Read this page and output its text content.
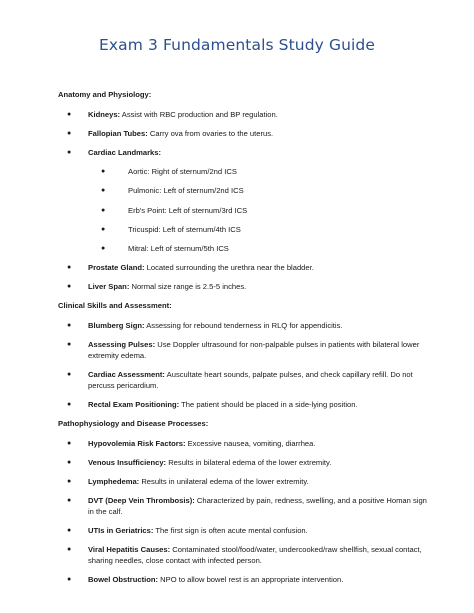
Exam 3 Fundamentals Study Guide
Anatomy and Physiology:
● Kidneys: Assist with RBC production and BP regulation.
● Fallopian Tubes: Carry ova from ovaries to the uterus.
● Cardiac Landmarks:
●	Aortic: Right of sternum/2nd ICS
●	Pulmonic: Left of sternum/2nd ICS
●	Erb's Point: Left of sternum/3rd ICS
●	Tricuspid: Left of sternum/4th ICS
●	Mitral: Left of sternum/5th ICS
● Prostate Gland: Located surrounding the urethra near the bladder.
● Liver Span: Normal size range is 2.5-5 inches.
Clinical Skills and Assessment:
● Blumberg Sign: Assessing for rebound tenderness in RLQ for appendicitis.
● Assessing Pulses: Use Doppler ultrasound for non-palpable pulses in patients with bilateral lower extremity edema.
● Cardiac Assessment: Auscultate heart sounds, palpate pulses, and check capillary refill. Do not percuss pericardium.
● Rectal Exam Positioning: The patient should be placed in a side-lying position.
Pathophysiology and Disease Processes:
● Hypovolemia Risk Factors: Excessive nausea, vomiting, diarrhea.
● Venous Insufficiency: Results in bilateral edema of the lower extremity.
● Lymphedema: Results in unilateral edema of the lower extremity.
● DVT (Deep Vein Thrombosis): Characterized by pain, redness, swelling, and a positive Homan sign in the calf.
● UTIs in Geriatrics: The first sign is often acute mental confusion.
● Viral Hepatitis Causes: Contaminated stool/food/water, undercooked/raw shellfish, sexual contact, sharing needles, close contact with infected person.
● Bowel Obstruction: NPO to allow bowel rest is an appropriate intervention.
